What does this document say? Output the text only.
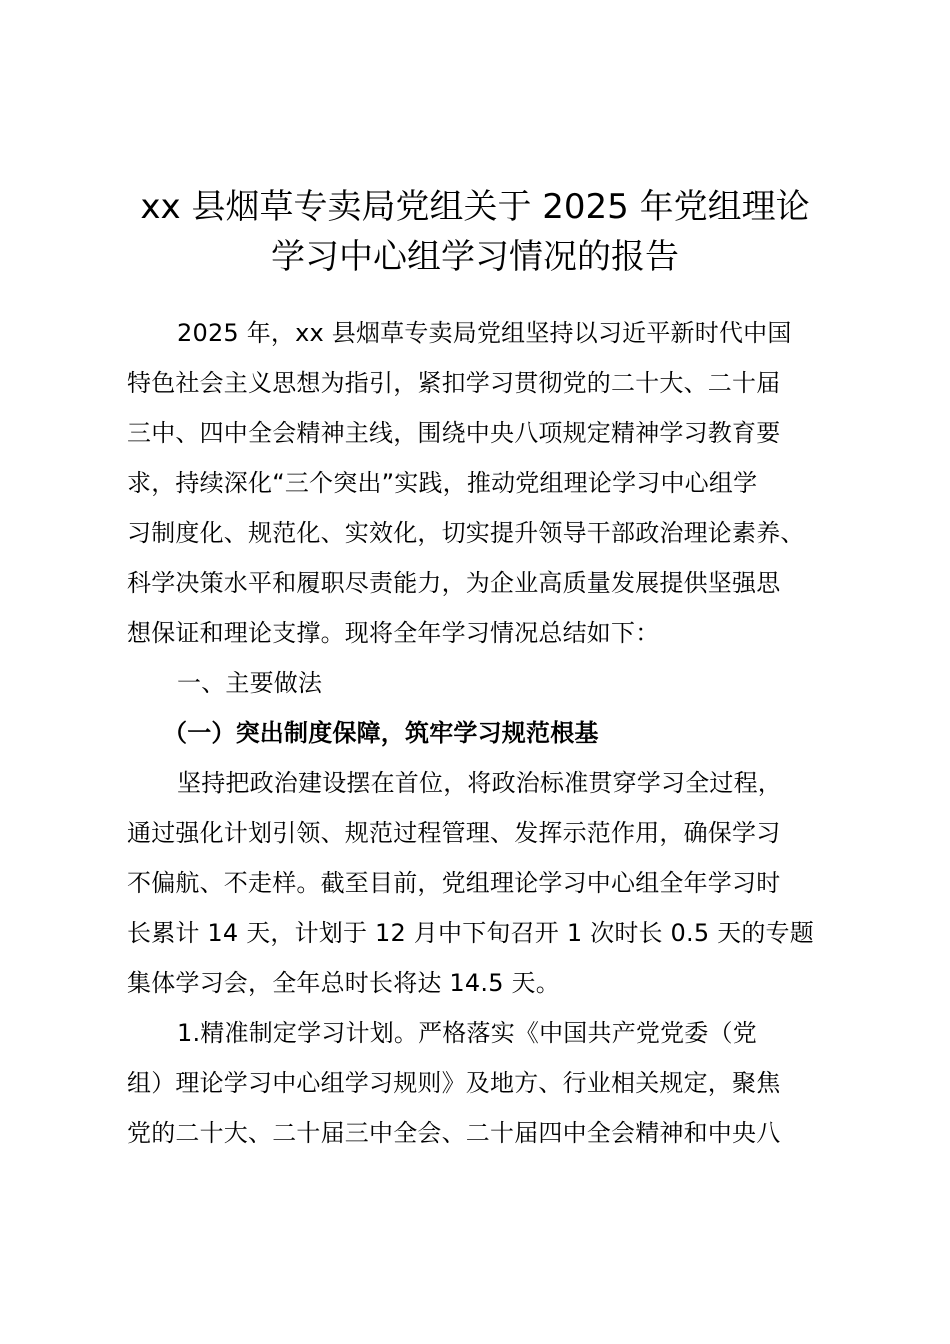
xx 县烟草专卖局党组关于 2025 年党组理论
学习中心组学习情况的报告
2025 年，xx 县烟草专卖局党组坚持以习近平新时代中国
特色社会主义思想为指引，紧扣学习贯彻党的二十大、二十届
三中、四中全会精神主线，围绕中央八项规定精神学习教育要
求，持续深化“三个突出”实践，推动党组理论学习中心组学
习制度化、规范化、实效化，切实提升领导干部政治理论素养、
科学决策水平和履职尽责能力，为企业高质量发展提供坚强思
想保证和理论支撑。现将全年学习情况总结如下：
一、主要做法
（一）突出制度保障，筑牢学习规范根基
坚持把政治建设摆在首位，将政治标准贯穿学习全过程，
通过强化计划引领、规范过程管理、发挥示范作用，确保学习
不偏航、不走样。截至目前，党组理论学习中心组全年学习时
长累计 14 天，计划于 12 月中下旬召开 1 次时长 0.5 天的专题
集体学习会，全年总时长将达 14.5 天。
1.精准制定学习计划。严格落实《中国共产党党委（党
组）理论学习中心组学习规则》及地方、行业相关规定，聚焦
党的二十大、二十届三中全会、二十届四中全会精神和中央八
